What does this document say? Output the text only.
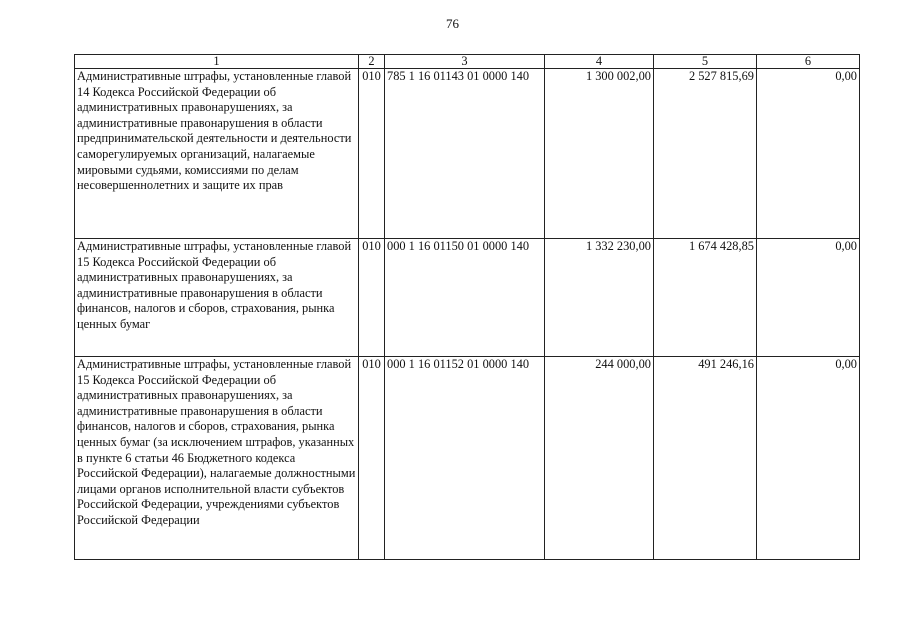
76
1	2	3	4	5	6
Административные штрафы, установленные главой 14 Кодекса Российской Федерации об административных правонарушениях, за административные правонарушения в области предпринимательской деятельности и деятельности саморегулируемых организаций, налагаемые мировыми судьями, комиссиями по делам несовершеннолетних и защите их прав	010	785 1 16 01143 01 0000 140	1 300 002,00	2 527 815,69	0,00
Административные штрафы, установленные главой 15 Кодекса Российской Федерации об административных правонарушениях, за административные правонарушения в области финансов, налогов и сборов, страхования, рынка ценных бумаг	010	000 1 16 01150 01 0000 140	1 332 230,00	1 674 428,85	0,00
Административные штрафы, установленные главой 15 Кодекса Российской Федерации об административных правонарушениях, за административные правонарушения в области финансов, налогов и сборов, страхования, рынка ценных бумаг (за исключением штрафов, указанных в пункте 6 статьи 46 Бюджетного кодекса Российской Федерации), налагаемые должностными лицами органов исполнительной власти субъектов Российской Федерации, учреждениями субъектов Российской Федерации	010	000 1 16 01152 01 0000 140	244 000,00	491 246,16	0,00
